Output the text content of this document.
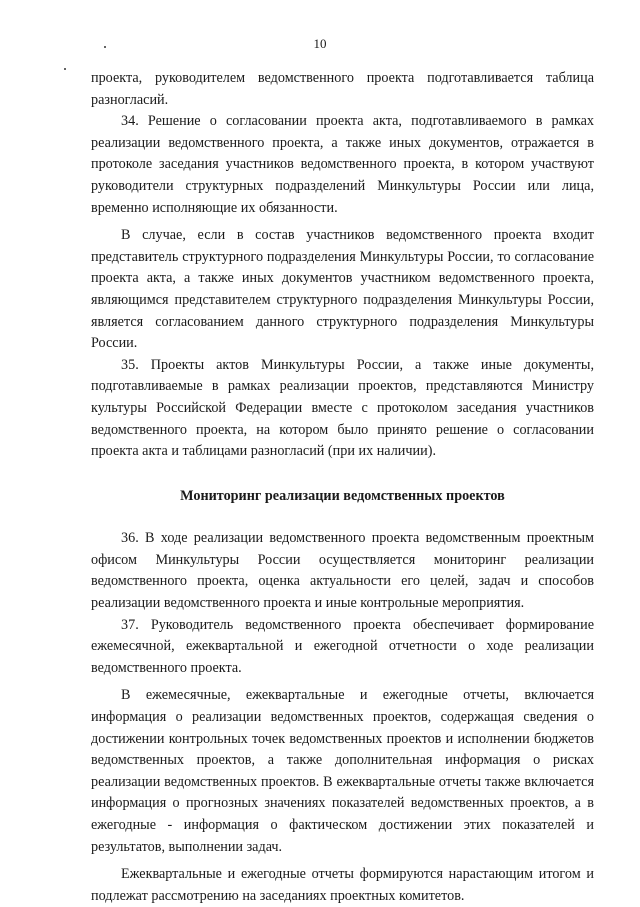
10

проекта, руководителем ведомственного проекта подготавливается таблица разногласий.

34. Решение о согласовании проекта акта, подготавливаемого в рамках реализации ведомственного проекта, а также иных документов, отражается в протоколе заседания участников ведомственного проекта, в котором участвуют руководители структурных подразделений Минкультуры России или лица, временно исполняющие их обязанности.

В случае, если в состав участников ведомственного проекта входит представитель структурного подразделения Минкультуры России, то согласование проекта акта, а также иных документов участником ведомственного проекта, являющимся представителем структурного подразделения Минкультуры России, является согласованием данного структурного подразделения Минкультуры России.

35. Проекты актов Минкультуры России, а также иные документы, подготавливаемые в рамках реализации проектов, представляются Министру культуры Российской Федерации вместе с протоколом заседания участников ведомственного проекта, на котором было принято решение о согласовании проекта акта и таблицами разногласий (при их наличии).

Мониторинг реализации ведомственных проектов

36. В ходе реализации ведомственного проекта ведомственным проектным офисом Минкультуры России осуществляется мониторинг реализации ведомственного проекта, оценка актуальности его целей, задач и способов реализации ведомственного проекта и иные контрольные мероприятия.

37. Руководитель ведомственного проекта обеспечивает формирование ежемесячной, ежеквартальной и ежегодной отчетности о ходе реализации ведомственного проекта.

В ежемесячные, ежеквартальные и ежегодные отчеты, включается информация о реализации ведомственных проектов, содержащая сведения о достижении контрольных точек ведомственных проектов и исполнении бюджетов ведомственных проектов, а также дополнительная информация о рисках реализации ведомственных проектов. В ежеквартальные отчеты также включается информация о прогнозных значениях показателей ведомственных проектов, а в ежегодные - информация о фактическом достижении этих показателей и результатов, выполнении задач.

Ежеквартальные и ежегодные отчеты формируются нарастающим итогом и подлежат рассмотрению на заседаниях проектных комитетов.
